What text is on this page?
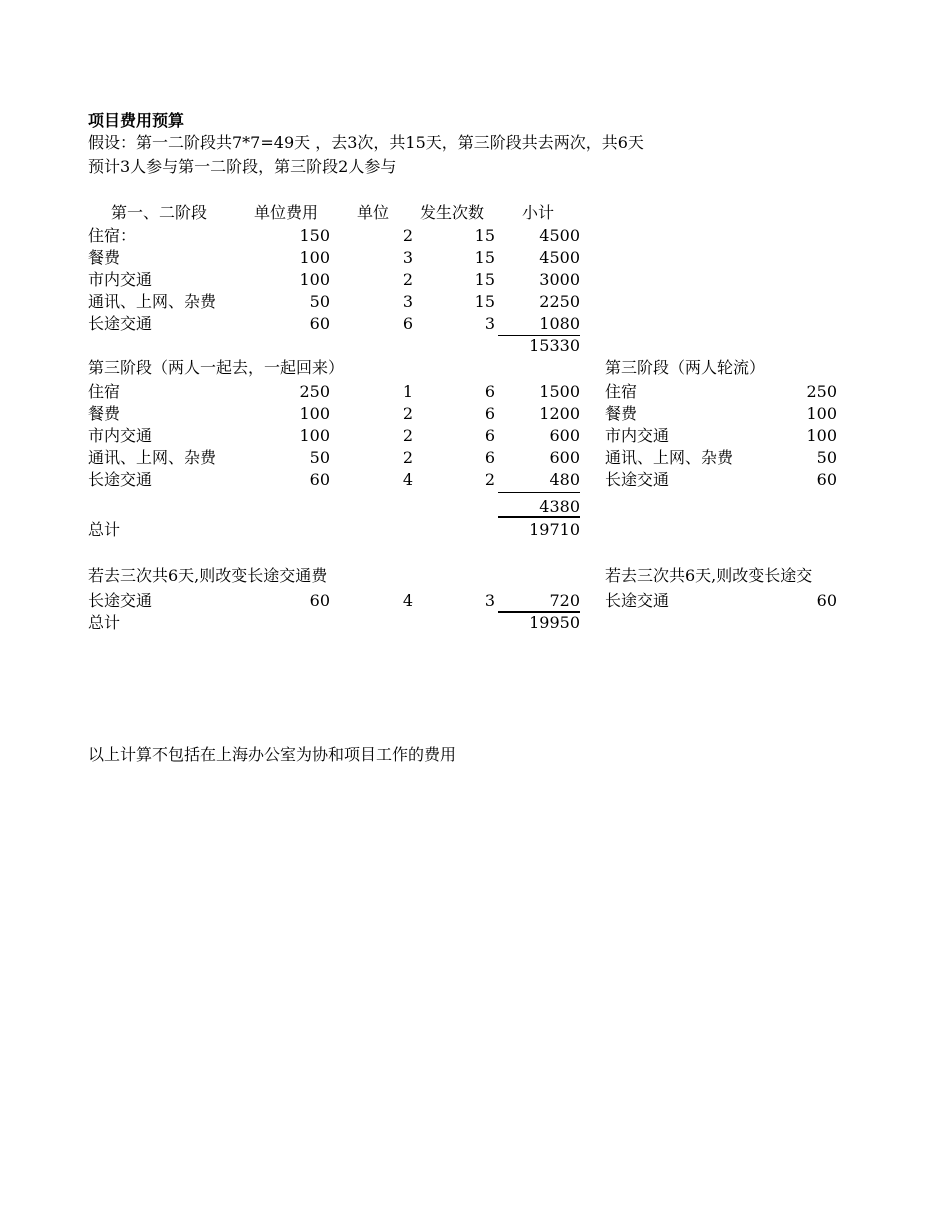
项目费用预算
假设：第一二阶段共7*7=49天 ，去3次，共15天，第三阶段共去两次，共6天
预计3人参与第一二阶段，第三阶段2人参与
第一、二阶段	单位费用 单位 发生次数 小计
住宿：	150	2	15	4500
餐费	100	3	15	4500
市内交通	100	2	15	3000
通讯、上网、杂费	50	3	15	2250
长途交通	60	6	3	1080
15330
第三阶段（两人一起去，一起回来）
住宿	250	1	6	1500
餐费	100	2	6	1200
市内交通	100	2	6	600
通讯、上网、杂费	50	2	6	600
长途交通	60	4	2	480
4380
总计	19710
第三阶段（两人轮流）
住宿	250
餐费	100
市内交通	100
通讯、上网、杂费	50
长途交通	60
若去三次共6天,则改变长途交通费
长途交通	60	4	3	720
总计	19950
若去三次共6天,则改变长途交
长途交通	60
以上计算不包括在上海办公室为协和项目工作的费用
